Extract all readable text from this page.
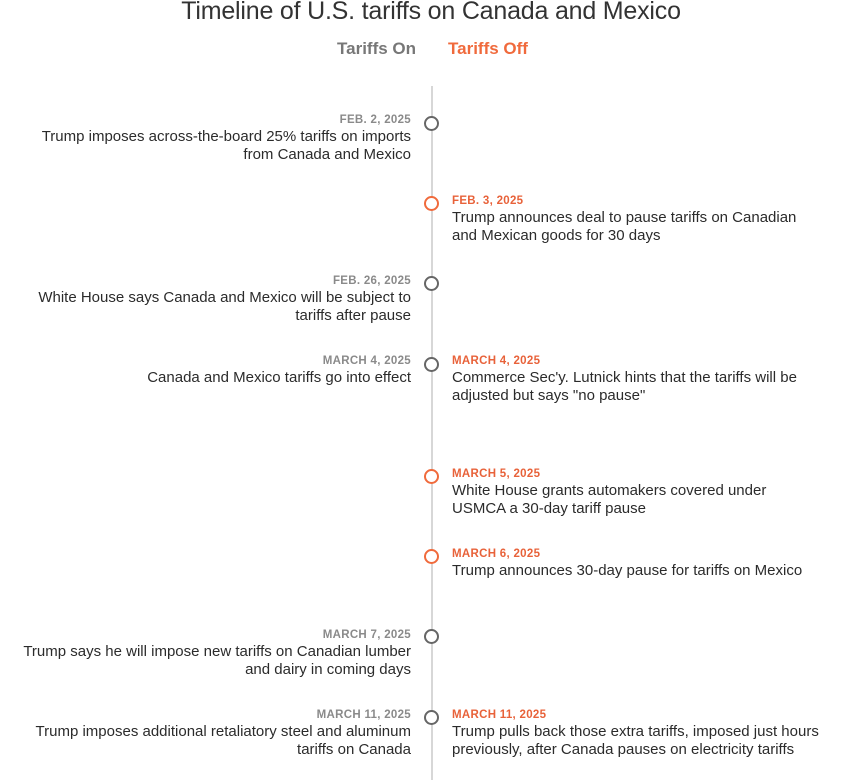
Timeline of U.S. tariffs on Canada and Mexico
Tariffs On Tariffs Off
FEB. 2, 2025
Trump imposes across-the-board 25% tariffs on imports from Canada and Mexico
FEB. 3, 2025
Trump announces deal to pause tariffs on Canadian and Mexican goods for 30 days
FEB. 26, 2025
White House says Canada and Mexico will be subject to tariffs after pause
MARCH 4, 2025
Canada and Mexico tariffs go into effect
MARCH 4, 2025
Commerce Sec'y. Lutnick hints that the tariffs will be adjusted but says "no pause"
MARCH 5, 2025
White House grants automakers covered under USMCA a 30-day tariff pause
MARCH 6, 2025
Trump announces 30-day pause for tariffs on Mexico
MARCH 7, 2025
Trump says he will impose new tariffs on Canadian lumber and dairy in coming days
MARCH 11, 2025
Trump imposes additional retaliatory steel and aluminum tariffs on Canada
MARCH 11, 2025
Trump pulls back those extra tariffs, imposed just hours previously, after Canada pauses on electricity tariffs
